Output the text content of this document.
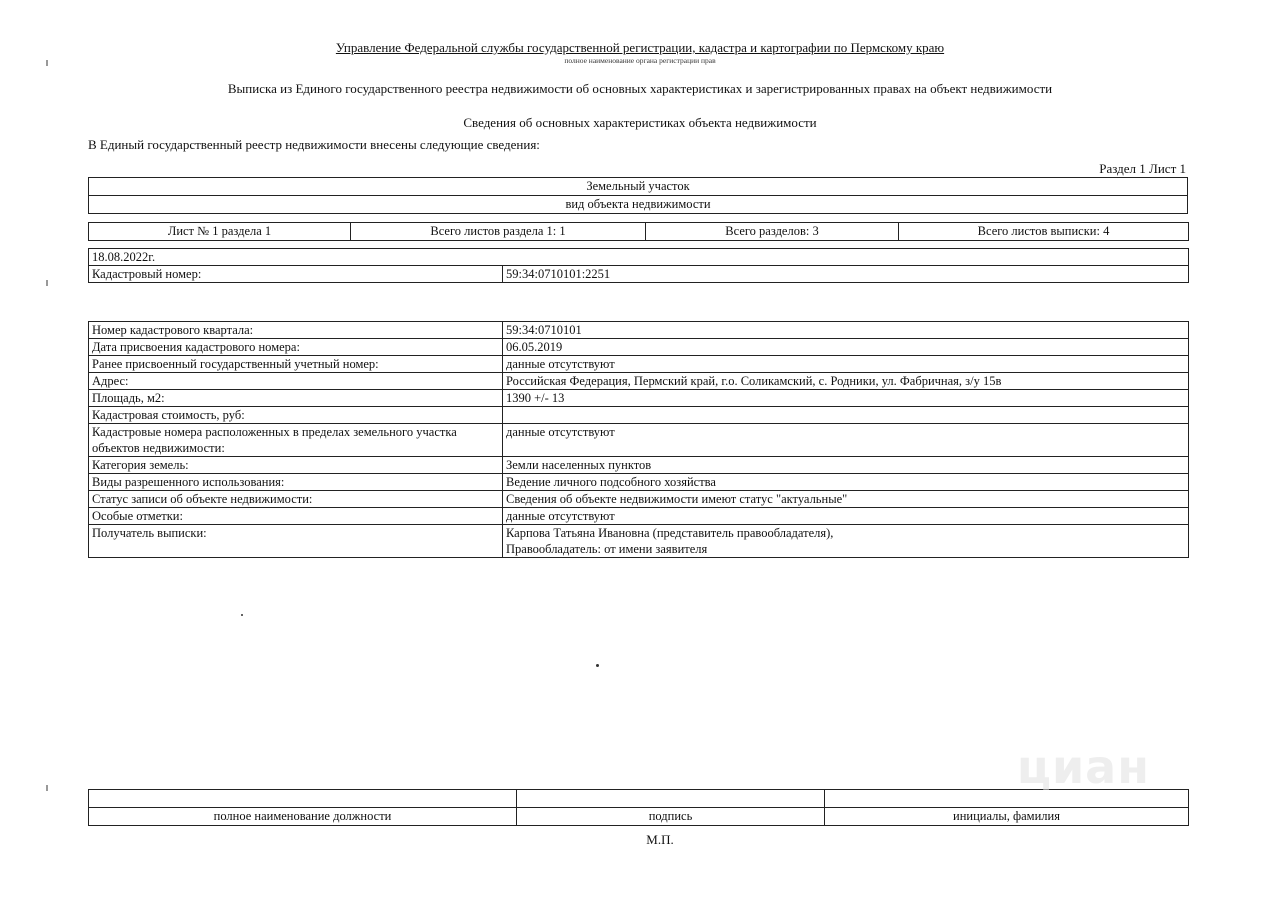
Управление Федеральной службы государственной регистрации, кадастра и картографии по Пермскому краю
полное наименование органа регистрации прав
Выписка из Единого государственного реестра недвижимости об основных характеристиках и зарегистрированных правах на объект недвижимости
Сведения об основных характеристиках объекта недвижимости
В Единый государственный реестр недвижимости внесены следующие сведения:
Раздел 1 Лист 1
Земельный участок
вид объекта недвижимости
Лист № 1 раздела 1	Всего листов раздела 1: 1	Всего разделов: 3	Всего листов выписки: 4
18.08.2022г.
Кадастровый номер:	59:34:0710101:2251
Номер кадастрового квартала:	59:34:0710101
Дата присвоения кадастрового номера:	06.05.2019
Ранее присвоенный государственный учетный номер:	данные отсутствуют
Адрес:	Российская Федерация, Пермский край, г.о. Соликамский, с. Родники, ул. Фабричная, з/у 15в
Площадь, м2:	1390 +/- 13
Кадастровая стоимость, руб:	
Кадастровые номера расположенных в пределах земельного участка объектов недвижимости:	данные отсутствуют
Категория земель:	Земли населенных пунктов
Виды разрешенного использования:	Ведение личного подсобного хозяйства
Статус записи об объекте недвижимости:	Сведения об объекте недвижимости имеют статус "актуальные"
Особые отметки:	данные отсутствуют
Получатель выписки:	Карпова Татьяна Ивановна (представитель правообладателя),
Правообладатель: от имени заявителя

полное наименование должности	подпись	инициалы, фамилия
М.П.
циан
